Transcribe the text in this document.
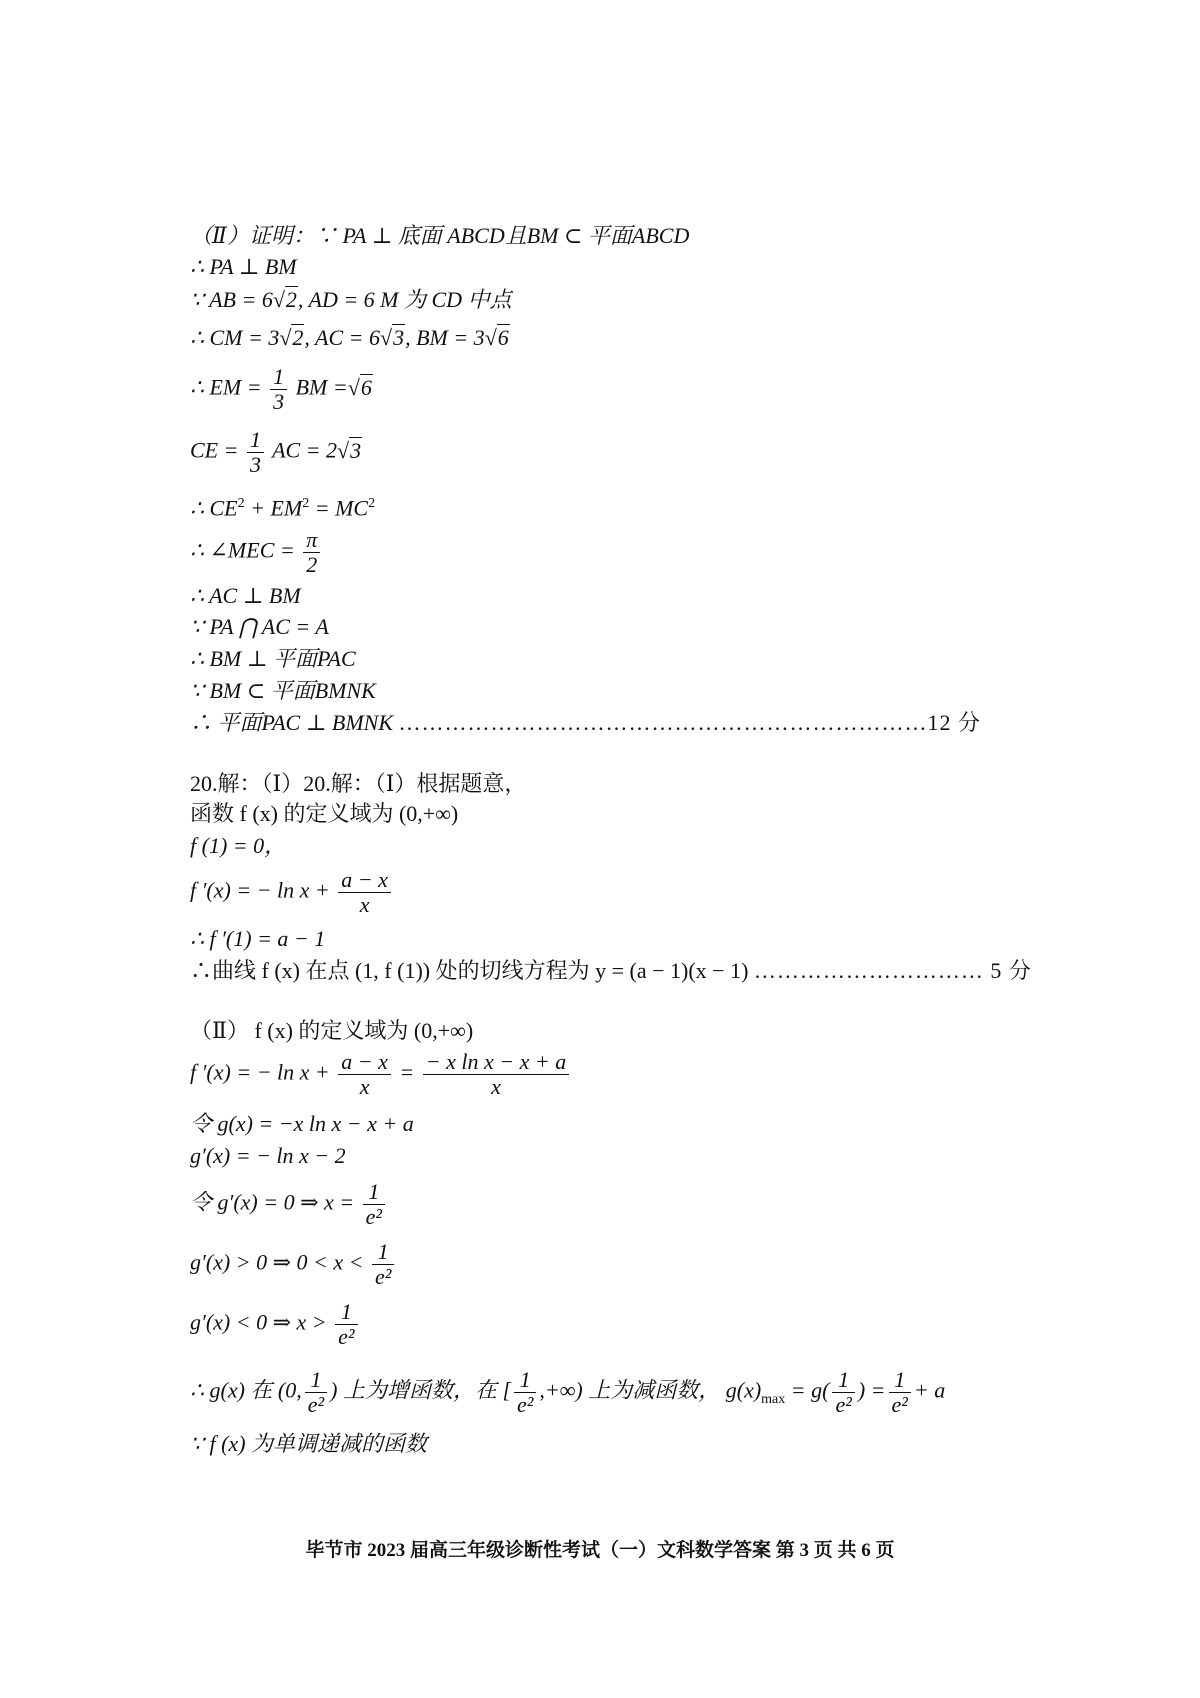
（Ⅱ）证明：∵ PA ⊥ 底面 ABCD且BM ⊂ 平面ABCD
∴ PA ⊥ BM
∵ AB = 6√2, AD = 6 M 为 CD 中点
∴ CM = 3√2, AC = 6√3, BM = 3√6
∴ EM = $\frac{1}{3}$ BM =√6
CE = $\frac{1}{3}$ AC = 2√3
∴ $CE^2 + EM^2 = MC^2$
∴ ∠MEC = $\frac{\pi}{2}$
∴ AC ⊥ BM
∵ PA ⋂ AC = A
∴ BM ⊥ 平面PAC
∵ BM ⊂ 平面BMNK
∴ 平面PAC ⊥ BMNK ……………………………………………………………12 分
20.解：（Ⅰ）20.解：（Ⅰ）根据题意，
函数 f (x) 的定义域为 (0,+∞)
f (1) = 0，
f ′(x) = − $\ln x + \frac{a - x}{x}$
∴ f ′(1) = a − 1
∴曲线 f (x) 在点 (1, f (1)) 处的切线方程为 y = (a − 1)(x − 1) ………………………… 5 分
（Ⅱ） f (x) 的定义域为 (0,+∞)
f ′(x) = − $\ln x + \frac{a - x}{x} = \frac{\text{− x ln x − x + a}}{x}$
令 g(x) = −x ln x − x + a
g′(x) = − ln x − 2
令 g′(x) = 0 ⇒ $x = \frac{1}{\text{e²}}$
g′(x) > 0 ⇒ $0 < x < \frac{1}{\text{e²}}$
g′(x) < 0 ⇒ $x > \frac{1}{\text{e²}}$
∴ g(x) 在 (0, $\frac{1}{\text{e²}}$ ) 上为增函数，在 [ $\frac{1}{\text{e²}}$ ,+∞) 上为减函数， $g(x)_{max} = g( \frac{1}{\text{e²}}$ ) = $\frac{1}{\text{e²}} + a$
∵ f (x) 为单调递减的函数
毕节市 2023 届高三年级诊断性考试（一）文科数学答案 第 3 页 共 6 页
